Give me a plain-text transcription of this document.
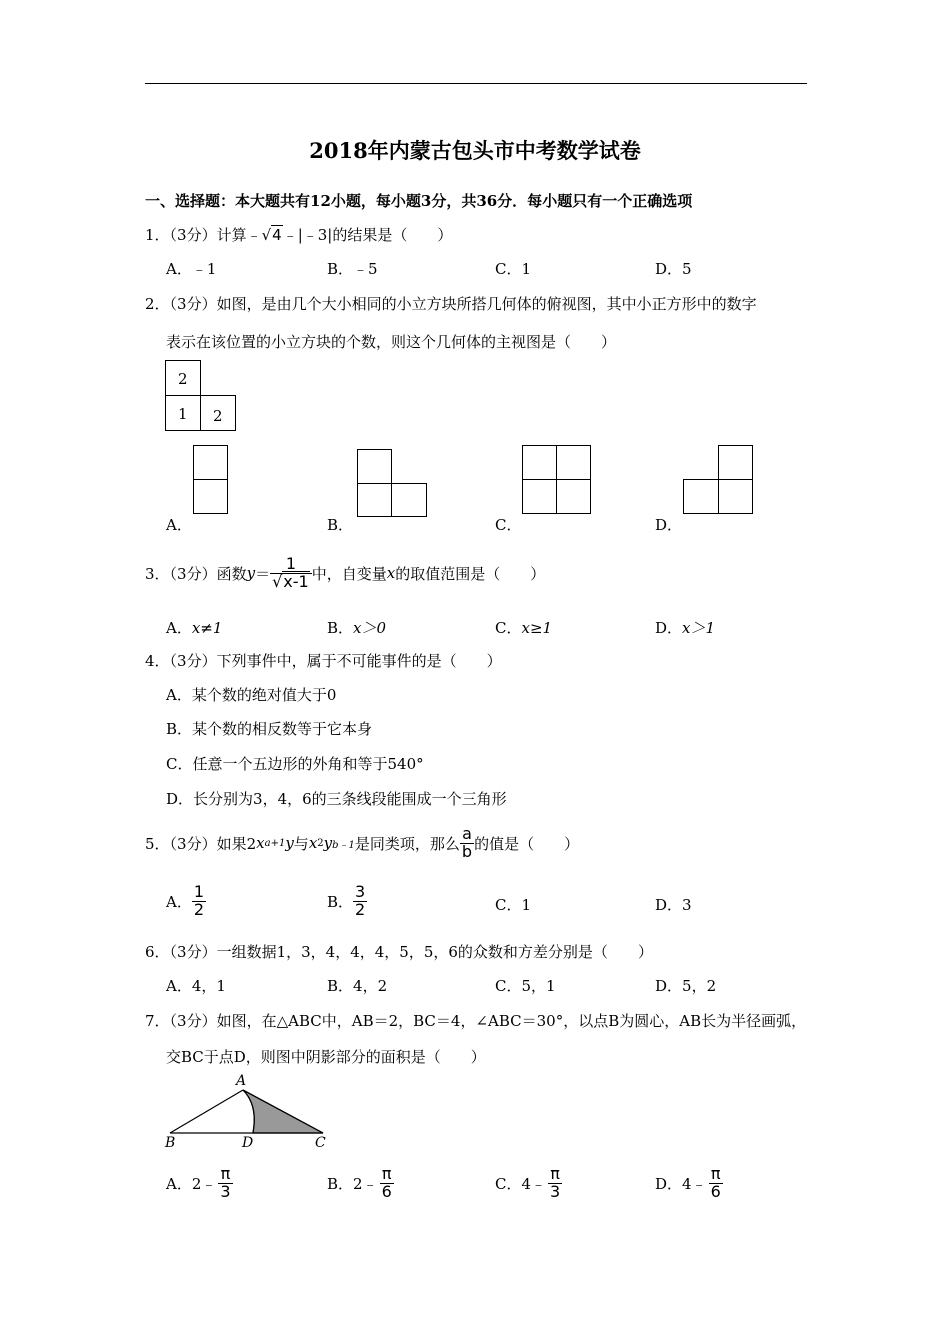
2018年内蒙古包头市中考数学试卷
一、选择题：本大题共有12小题，每小题3分，共36分．每小题只有一个正确选项
1．（3分）计算﹣√4﹣|﹣3|的结果是（　　）
A．﹣1	B．﹣5	C．1	D．5
2．（3分）如图，是由几个大小相同的小立方块所搭几何体的俯视图，其中小正方形中的数字
表示在该位置的小立方块的个数，则这个几何体的主视图是（　　）
2
1 2
A．	B．	C．	D．
3．（3分）函数 $y = \frac{1}{√x-1}$ 中，自变量 x 的取值范围是（　　）
A．x≠1	B．x＞0	C．x≥1	D．x＞1
4．（3分）下列事件中，属于不可能事件的是（　　）
A．某个数的绝对值大于0
B．某个数的相反数等于它本身
C．任意一个五边形的外角和等于540°
D．长分别为3，4，6的三条线段能围成一个三角形
5．（3分）如果2 x a+1 y 与 x 2 y b﹣1 是同类项，那么 $\frac{a}{b}$ 的值是（　　）
A． $\frac{1}{2}$	B． $\frac{3}{2}$	C．1	D．3
6．（3分）一组数据1，3，4，4，4，5，5，6的众数和方差分别是（　　）
A．4，1	B．4，2	C．5，1	D．5，2
7．（3分）如图，在△ABC中，AB＝2，BC＝4，∠ABC＝30°，以点B为圆心，AB长为半径画弧，
交BC于点D，则图中阴影部分的面积是（　　）
A
B	D	C
A． 2﹣ $\frac{\pi}{3}$	B． 2﹣ $\frac{\pi}{6}$	C． 4﹣ $\frac{\pi}{3}$	D． 4﹣ $\frac{\pi}{6}$
